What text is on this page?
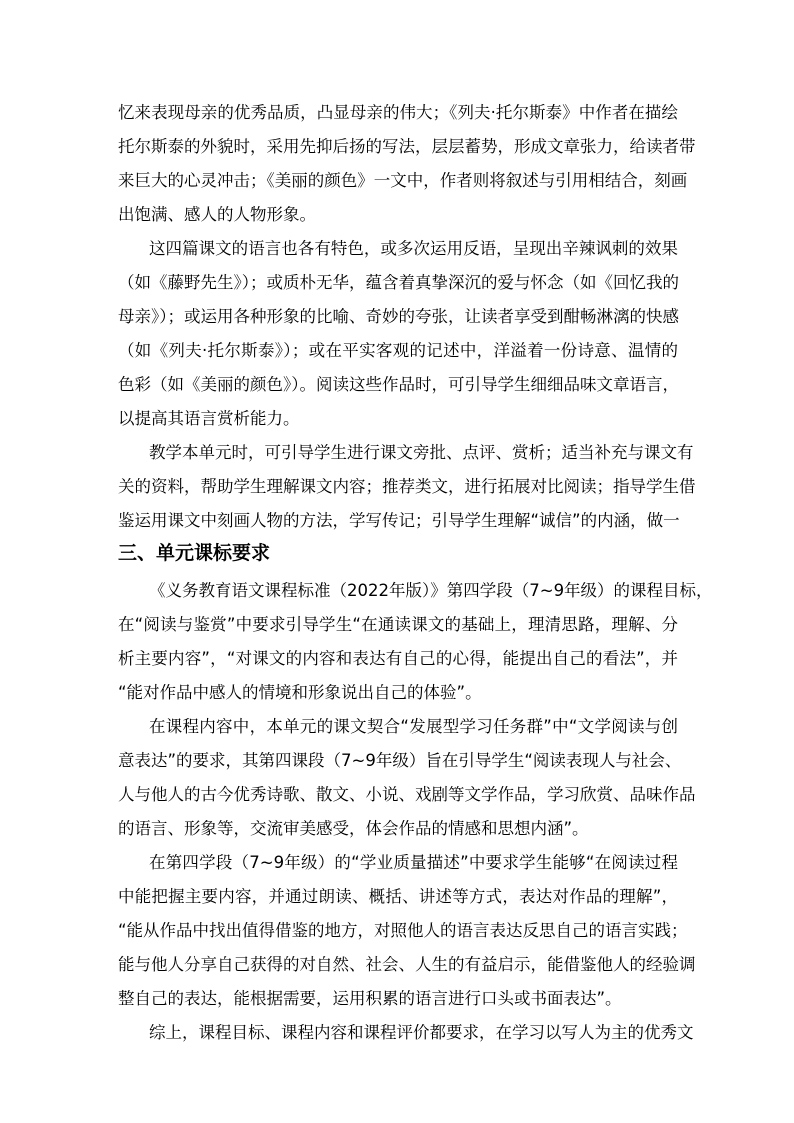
忆来表现母亲的优秀品质，凸显母亲的伟大；《列夫·托尔斯泰》中作者在描绘
托尔斯泰的外貌时，采用先抑后扬的写法，层层蓄势，形成文章张力，给读者带
来巨大的心灵冲击；《美丽的颜色》一文中，作者则将叙述与引用相结合，刻画
出饱满、感人的人物形象。
这四篇课文的语言也各有特色，或多次运用反语，呈现出辛辣讽刺的效果
（如《藤野先生》）；或质朴无华，蕴含着真挚深沉的爱与怀念（如《回忆我的
母亲》）；或运用各种形象的比喻、奇妙的夸张，让读者享受到酣畅淋漓的快感
（如《列夫·托尔斯泰》）；或在平实客观的记述中，洋溢着一份诗意、温情的
色彩（如《美丽的颜色》）。阅读这些作品时，可引导学生细细品味文章语言，
以提高其语言赏析能力。
教学本单元时，可引导学生进行课文旁批、点评、赏析；适当补充与课文有
关的资料，帮助学生理解课文内容；推荐类文，进行拓展对比阅读；指导学生借
鉴运用课文中刻画人物的方法，学写传记；引导学生理解“诚信”的内涵，做一
三、单元课标要求
《义务教育语文课程标准（2022年版）》第四学段（7~9年级）的课程目标，
在“阅读与鉴赏”中要求引导学生“在通读课文的基础上，理清思路，理解、分
析主要内容”，“对课文的内容和表达有自己的心得，能提出自己的看法”，并
“能对作品中感人的情境和形象说出自己的体验”。
在课程内容中，本单元的课文契合“发展型学习任务群”中“文学阅读与创
意表达”的要求，其第四课段（7~9年级）旨在引导学生“阅读表现人与社会、
人与他人的古今优秀诗歌、散文、小说、戏剧等文学作品，学习欣赏、品味作品
的语言、形象等，交流审美感受，体会作品的情感和思想内涵”。
在第四学段（7~9年级）的“学业质量描述”中要求学生能够“在阅读过程
中能把握主要内容，并通过朗读、概括、讲述等方式，表达对作品的理解”，
“能从作品中找出值得借鉴的地方，对照他人的语言表达反思自己的语言实践；
能与他人分享自己获得的对自然、社会、人生的有益启示，能借鉴他人的经验调
整自己的表达，能根据需要，运用积累的语言进行口头或书面表达”。
综上，课程目标、课程内容和课程评价都要求，在学习以写人为主的优秀文
